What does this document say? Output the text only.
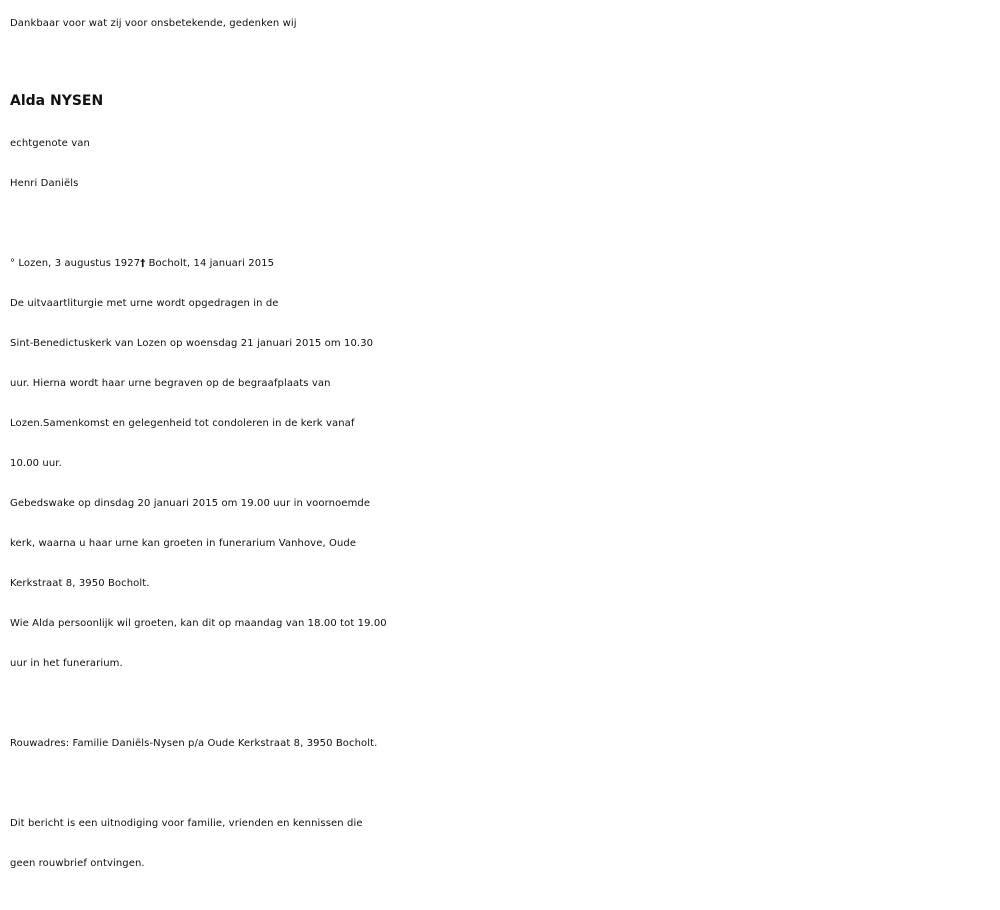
Dankbaar voor wat zij voor onsbetekende, gedenken wij
Alda NYSEN
echtgenote van
Henri Daniëls
° Lozen, 3 augustus 1927† Bocholt, 14 januari 2015
De uitvaartliturgie met urne wordt opgedragen in de
Sint-Benedictuskerk van Lozen op woensdag 21 januari 2015 om 10.30
uur. Hierna wordt haar urne begraven op de begraafplaats van
Lozen.Samenkomst en gelegenheid tot condoleren in de kerk vanaf
10.00 uur.
Gebedswake op dinsdag 20 januari 2015 om 19.00 uur in voornoemde
kerk, waarna u haar urne kan groeten in funerarium Vanhove, Oude
Kerkstraat 8, 3950 Bocholt.
Wie Alda persoonlijk wil groeten, kan dit op maandag van 18.00 tot 19.00
uur in het funerarium.
Rouwadres: Familie Daniëls-Nysen p/a Oude Kerkstraat 8, 3950 Bocholt.
Dit bericht is een uitnodiging voor familie, vrienden en kennissen die
geen rouwbrief ontvingen.
